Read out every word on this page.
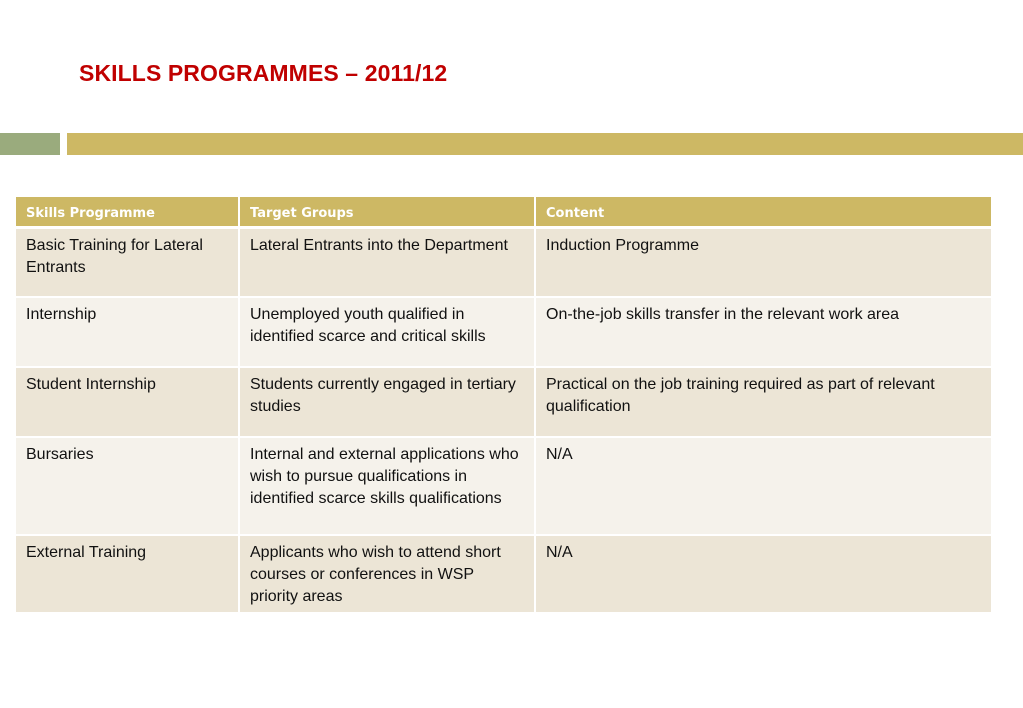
SKILLS PROGRAMMES – 2011/12
Skills Programme	Target Groups	Content
Basic Training for Lateral Entrants	Lateral Entrants into the Department	Induction Programme
Internship	Unemployed youth qualified in identified scarce and critical skills	On-the-job skills transfer in the relevant work area
Student Internship	Students currently engaged in tertiary studies	Practical on the job training required as part of relevant qualification
Bursaries	Internal and external applications who wish to pursue qualifications in identified scarce skills qualifications	N/A
External Training	Applicants who wish to attend short courses or conferences in WSP priority areas	N/A
